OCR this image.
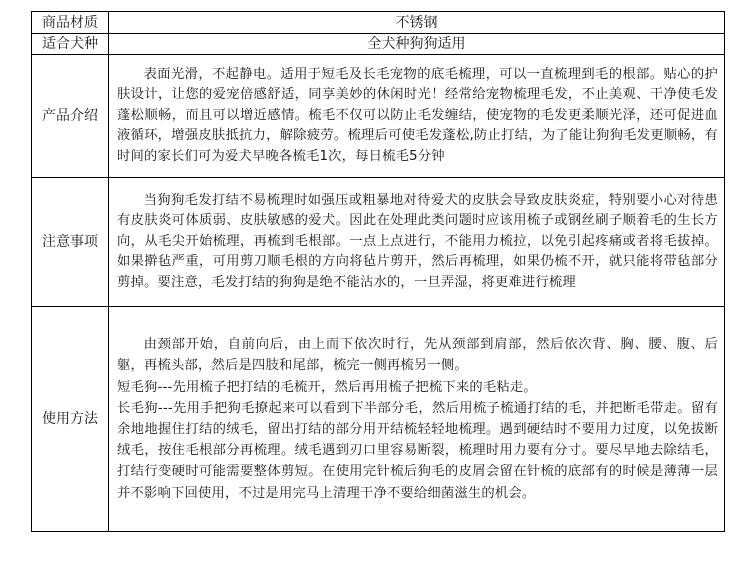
商品材质	不锈钢
适合犬种	全犬种狗狗适用
产品介绍	表面光滑，不起静电。适用于短毛及长毛宠物的底毛梳理，可以一直梳理到毛的根部。贴心的护肤设计，让您的爱宠倍感舒适，同享美妙的休闲时光！经常给宠物梳理毛发，不止美观、干净使毛发蓬松顺畅，而且可以增近感情。梳毛不仅可以防止毛发缠结，使宠物的毛发更柔顺光泽，还可促进血液循环，增强皮肤抵抗力，解除疲劳。梳理后可使毛发蓬松,防止打结，为了能让狗狗毛发更顺畅，有时间的家长们可为爱犬早晚各梳毛1次，每日梳毛5分钟

注意事项	当狗狗毛发打结不易梳理时如强压或粗暴地对待爱犬的皮肤会导致皮肤炎症，特别要小心对待患有皮肤炎可体质弱、皮肤敏感的爱犬。因此在处理此类问题时应该用梳子或钢丝刷子顺着毛的生长方向，从毛尖开始梳理，再梳到毛根部。一点上点进行，不能用力梳拉，以免引起疼痛或者将毛拔掉。如果擀毡严重，可用剪刀顺毛根的方向将毡片剪开，然后再梳理，如果仍梳不开，就只能将带毡部分剪掉。要注意，毛发打结的狗狗是绝不能沾水的，一旦弄湿，将更难进行梳理

使用方法	由颈部开始，自前向后，由上而下依次时行，先从颈部到肩部，然后依次背、胸、腰、腹、后躯，再梳头部，然后是四肢和尾部，梳完一侧再梳另一侧。

短毛狗---先用梳子把打结的毛梳开，然后再用梳子把梳下来的毛粘走。

长毛狗---先用手把狗毛撩起来可以看到下半部分毛，然后用梳子梳通打结的毛，并把断毛带走。留有余地地握住打结的绒毛，留出打结的部分用开结梳轻轻地梳理。遇到硬结时不要用力过度，以免拔断绒毛，按住毛根部分再梳理。绒毛遇到刃口里容易断裂，梳理时用力要有分寸。要尽早地去除结毛，打结行变硬时可能需要整体剪短。在使用完针梳后狗毛的皮屑会留在针梳的底部有的时候是薄薄一层并不影响下回使用，不过是用完马上清理干净不要给细菌滋生的机会。
